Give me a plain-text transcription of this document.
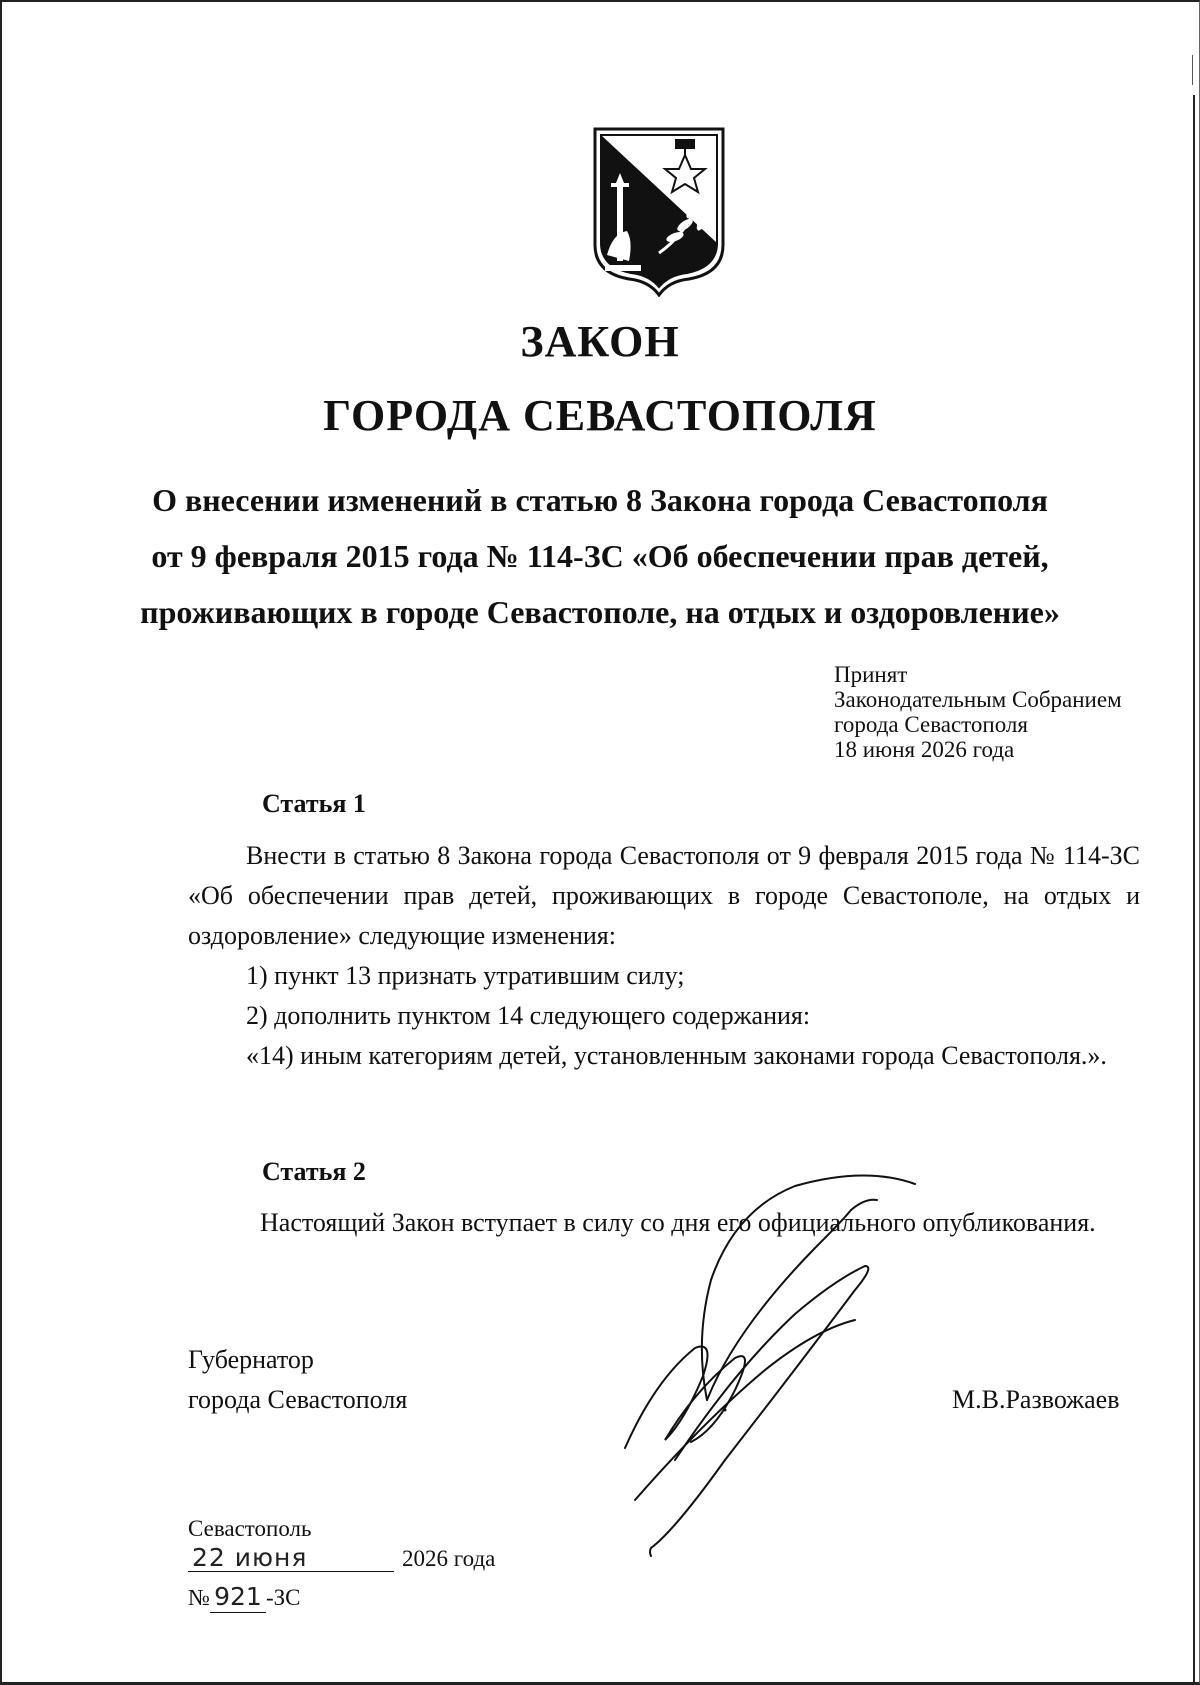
ЗАКОН
ГОРОДА СЕВАСТОПОЛЯ
О внесении изменений в статью 8 Закона города Севастополя
от 9 февраля 2015 года № 114-ЗС «Об обеспечении прав детей,
проживающих в городе Севастополе, на отдых и оздоровление»
Принят
Законодательным Собранием
города Севастополя
18 июня 2026 года
Статья 1

Внести в статью 8 Закона города Севастополя от 9 февраля 2015 года № 114-ЗС «Об обеспечении прав детей, проживающих в городе Севастополе, на отдых и оздоровление» следующие изменения:

1) пункт 13 признать утратившим силу;

2) дополнить пунктом 14 следующего содержания:

«14) иным категориям детей, установленным законами города Севастополя.».

Статья 2

Настоящий Закон вступает в силу со дня его официального опубликования.

Губернатор
города Севастополя	М.В.Развожаев
Севастополь
22 июня	2026 года
№ 921 -ЗС
